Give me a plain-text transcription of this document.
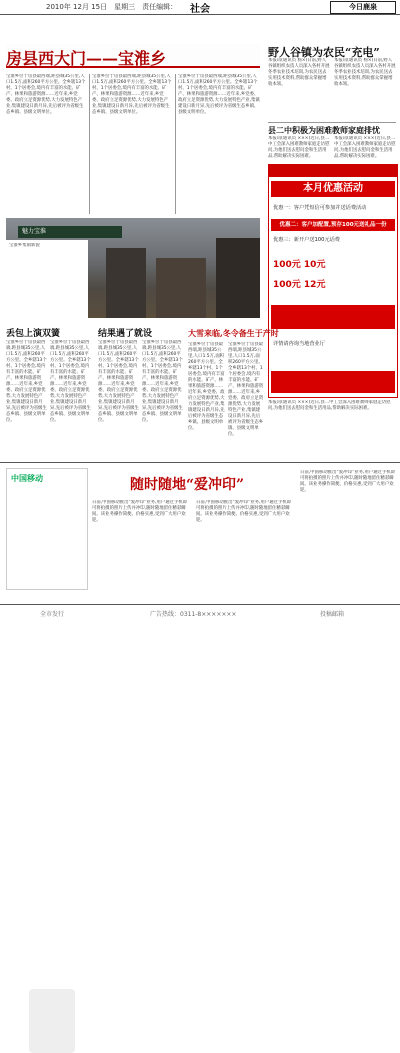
2010年 12月 15日　星期三　责任编辑： 社会	今日鹿泉
房县西大门——宝淮乡
宝淮乡位于房县最西端,距县城35公里,人口1.5万,面积260平方公里。全乡辖13个村、1个居委会,境内有丰富的水能、矿产、林果和旅游资源……近年来,乡党委、政府立足资源优势,大力发展特色产业,集镇建设日新月异,先后被评为省级生态乡镇、县级文明单位。
宝淮乡位于房县最西端,距县城35公里,人口1.5万,面积260平方公里。全乡辖13个村、1个居委会,境内有丰富的水能、矿产、林果和旅游资源……近年来,乡党委、政府立足资源优势,大力发展特色产业,集镇建设日新月异,先后被评为省级生态乡镇、县级文明单位。
宝淮乡位于房县最西端,距县城35公里,人口1.5万,面积260平方公里。全乡辖13个村、1个居委会,境内有丰富的水能、矿产、林果和旅游资源……近年来,乡党委、政府立足资源优势,大力发展特色产业,集镇建设日新月异,先后被评为省级生态乡镇、县级文明单位。
魅力宝淮
宝淮乡集镇新貌
野人谷镇为农民“充电”
本报讯(通讯员 杨×)日前,野人谷镇组织农技人员深入各村开展冬季农业技术培训,为农民送去实用技术资料,帮助群众掌握增收本领。
本报讯(通讯员 杨×)日前,野人谷镇组织农技人员深入各村开展冬季农业技术培训,为农民送去实用技术资料,帮助群众掌握增收本领。
县二中积极为困难教师家庭排忧
本报讯(通讯员 ×××)近日,县二中工会深入困难教师家庭走访慰问,为他们送去慰问金和生活用品,帮助解决实际困难。
本报讯(通讯员 ×××)近日,县二中工会深入困难教师家庭走访慰问,为他们送去慰问金和生活用品,帮助解决实际困难。
本月优惠活动
优惠一：客户凭短信可参加并送话费活动
优惠二：客户加配置,预存100元送礼品一份
优惠三：新开户送100元话费
100元 10元
100元 12元
详情请咨询当地营业厅
丢包上演双簧
宝淮乡位于房县最西端,距县城35公里,人口1.5万,面积260平方公里。全乡辖13个村、1个居委会,境内有丰富的水能、矿产、林果和旅游资源……近年来,乡党委、政府立足资源优势,大力发展特色产业,集镇建设日新月异,先后被评为省级生态乡镇、县级文明单位。
宝淮乡位于房县最西端,距县城35公里,人口1.5万,面积260平方公里。全乡辖13个村、1个居委会,境内有丰富的水能、矿产、林果和旅游资源……近年来,乡党委、政府立足资源优势,大力发展特色产业,集镇建设日新月异,先后被评为省级生态乡镇、县级文明单位。
结果遇了就设
宝淮乡位于房县最西端,距县城35公里,人口1.5万,面积260平方公里。全乡辖13个村、1个居委会,境内有丰富的水能、矿产、林果和旅游资源……近年来,乡党委、政府立足资源优势,大力发展特色产业,集镇建设日新月异,先后被评为省级生态乡镇、县级文明单位。
宝淮乡位于房县最西端,距县城35公里,人口1.5万,面积260平方公里。全乡辖13个村、1个居委会,境内有丰富的水能、矿产、林果和旅游资源……近年来,乡党委、政府立足资源优势,大力发展特色产业,集镇建设日新月异,先后被评为省级生态乡镇、县级文明单位。
大雪来临,冬令备生于产时
宝淮乡位于房县最西端,距县城35公里,人口1.5万,面积260平方公里。全乡辖13个村、1个居委会,境内有丰富的水能、矿产、林果和旅游资源……近年来,乡党委、政府立足资源优势,大力发展特色产业,集镇建设日新月异,先后被评为省级生态乡镇、县级文明单位。
宝淮乡位于房县最西端,距县城35公里,人口1.5万,面积260平方公里。全乡辖13个村、1个居委会,境内有丰富的水能、矿产、林果和旅游资源……近年来,乡党委、政府立足资源优势,大力发展特色产业,集镇建设日新月异,先后被评为省级生态乡镇、县级文明单位。
本报讯(通讯员 ×××)近日,县二中工会深入困难教师家庭走访慰问,为他们送去慰问金和生活用品,帮助解决实际困难。
中国移动	随时随地“爱冲印”
日前,中国移动推出“爱冲印”业务,用户通过手机即可将拍摄的照片上传并冲印,随时随地留住精彩瞬间。该业务操作简便、价格实惠,受到广大用户欢迎。
日前,中国移动推出“爱冲印”业务,用户通过手机即可将拍摄的照片上传并冲印,随时随地留住精彩瞬间。该业务操作简便、价格实惠,受到广大用户欢迎。
日前,中国移动推出“爱冲印”业务,用户通过手机即可将拍摄的照片上传并冲印,随时随地留住精彩瞬间。该业务操作简便、价格实惠,受到广大用户欢迎。
全市发行	广告热线：0311-8×××××××	投稿邮箱
